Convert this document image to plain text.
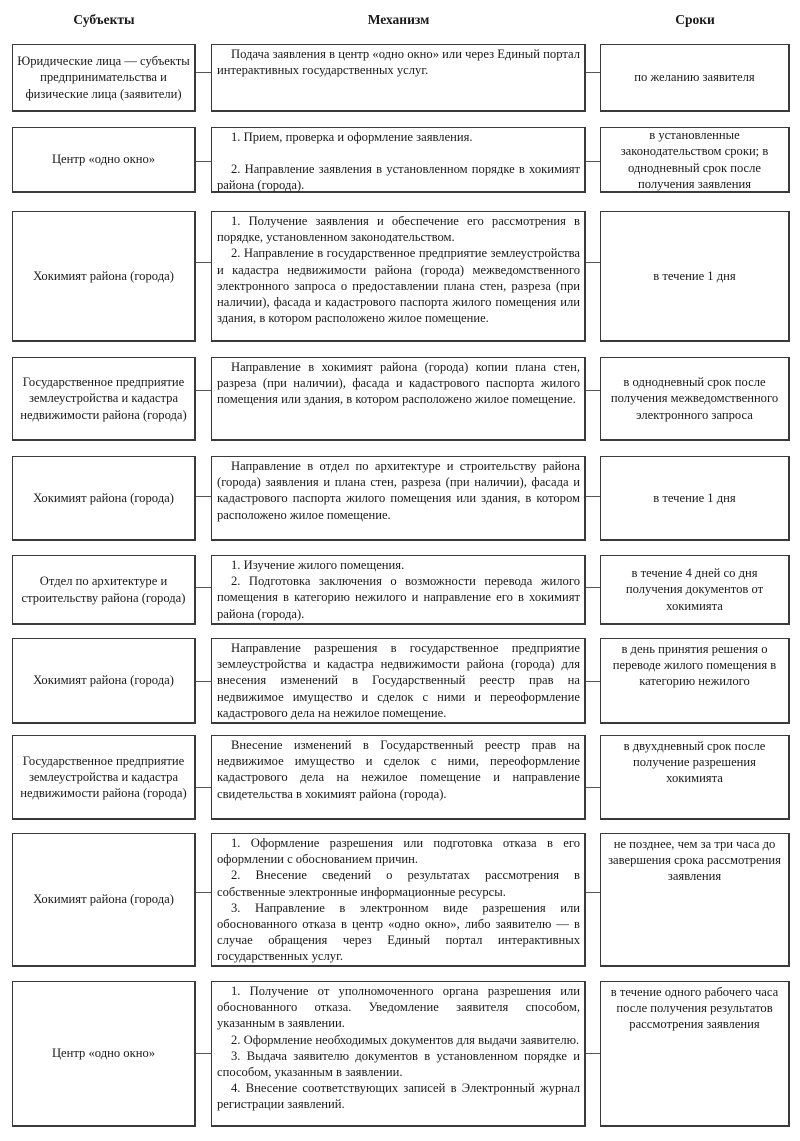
Субъекты	Механизм	Сроки
Юридические лица — субъекты предпринимательства и физические лица (заявители)

Подача заявления в центр «одно окно» или через Единый портал интерактивных государственных услуг.

по желанию заявителя
Центр «одно окно»

1. Прием, проверка и оформление заявления.

2. Направление заявления в установленном порядке в хокимият района (города).

в установленные законодательством сроки; в однодневный срок после получения заявления
Хокимият района (города)

1. Получение заявления и обеспечение его рассмотрения в порядке, установленном законодательством.

2. Направление в государственное предприятие землеустройства и кадастра недвижимости района (города) межведомственного электронного запроса о предоставлении плана стен, разреза (при наличии), фасада и кадастрового паспорта жилого помещения или здания, в котором расположено жилое помещение.

в течение 1 дня
Государственное предприятие землеустройства и кадастра недвижимости района (города)

Направление в хокимият района (города) копии плана стен, разреза (при наличии), фасада и кадастрового паспорта жилого помещения или здания, в котором расположено жилое помещение.

в однодневный срок после получения межведомственного электронного запроса
Хокимият района (города)

Направление в отдел по архитектуре и строительству района (города) заявления и плана стен, разреза (при наличии), фасада и кадастрового паспорта жилого помещения или здания, в котором расположено жилое помещение.

в течение 1 дня
Отдел по архитектуре и строительству района (города)

1. Изучение жилого помещения.

2. Подготовка заключения о возможности перевода жилого помещения в категорию нежилого и направление его в хокимият района (города).

в течение 4 дней со дня получения документов от хокимията
Хокимият района (города)

Направление разрешения в государственное предприятие землеустройства и кадастра недвижимости района (города) для внесения изменений в Государственный реестр прав на недвижимое имущество и сделок с ними и переоформление кадастрового дела на нежилое помещение.

в день принятия решения о переводе жилого помещения в категорию нежилого
Государственное предприятие землеустройства и кадастра недвижимости района (города)

Внесение изменений в Государственный реестр прав на недвижимое имущество и сделок с ними, переоформление кадастрового дела на нежилое помещение и направление свидетельства в хокимият района (города).

в двухдневный срок после получение разрешения хокимията
Хокимият района (города)

1. Оформление разрешения или подготовка отказа в его оформлении с обоснованием причин.

2. Внесение сведений о результатах рассмотрения в собственные электронные информационные ресурсы.

3. Направление в электронном виде разрешения или обоснованного отказа в центр «одно окно», либо заявителю — в случае обращения через Единый портал интерактивных государственных услуг.

не позднее, чем за три часа до завершения срока рассмотрения заявления
Центр «одно окно»

1. Получение от уполномоченного органа разрешения или обоснованного отказа. Уведомление заявителя способом, указанным в заявлении.

2. Оформление необходимых документов для выдачи заявителю.

3. Выдача заявителю документов в установленном порядке и способом, указанным в заявлении.

4. Внесение соответствующих записей в Электронный журнал регистрации заявлений.

в течение одного рабочего часа после получения результатов рассмотрения заявления
